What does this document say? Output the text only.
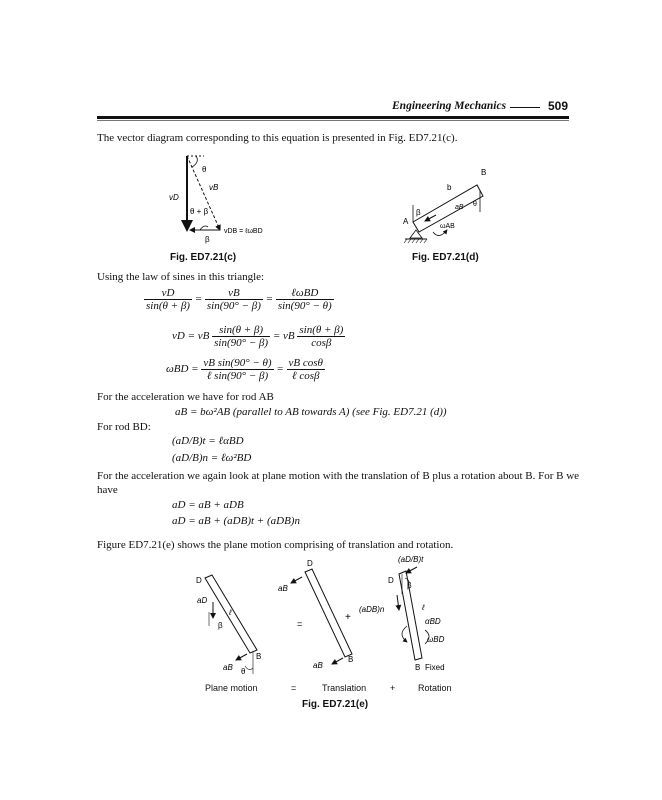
Engineering Mechanics	509
The vector diagram corresponding to this equation is presented in Fig. ED7.21(c).
θ
vB
vD
θ + β
vDB = ℓωBD
β
Fig. ED7.21(c)
B
b
A
β
aB θ
ωAB
Fig. ED7.21(d)
Using the law of sines in this triangle:
$\frac{vD}{\sin(\theta + \beta)} = \frac{vB}{\sin(90^\circ - \beta)} = \frac{\text{ℓωBD}}{\sin(90^\circ - \theta)}$
vD = vB $\frac{\sin(\theta + \beta)}{\sin(90^\circ - \beta)}$ = vB $\frac{\sin(\theta + \beta)}{\cos\beta}$
$\omega BD = \frac{\text{vB sin(90° − θ)}}{\text{ℓ sin(90° − β)}} = \frac{\text{vB cosθ}}{\text{ℓ cosβ}}$
For the acceleration we have for rod AB
aB = bω²AB (parallel to AB towards A) (see Fig. ED7.21 (d))
For rod BD:
(aD/B)t = ℓαBD
(aD/B)n = ℓω²BD
For the acceleration we again look at plane motion with the translation of B plus a rotation about B. For B we
have
aD = aB + aDB
aD = aB + (aDB)t + (aDB)n
Figure ED7.21(e) shows the plane motion comprising of translation and rotation.
D
aD
ℓ
β
B
aB θ
=
D
aB
B
aB
+
(aD/B)t
D
β
(aDB)n	ℓ
αBD
ωBD
B Fixed
Plane motion	=	Translation	+	Rotation
Fig. ED7.21(e)
